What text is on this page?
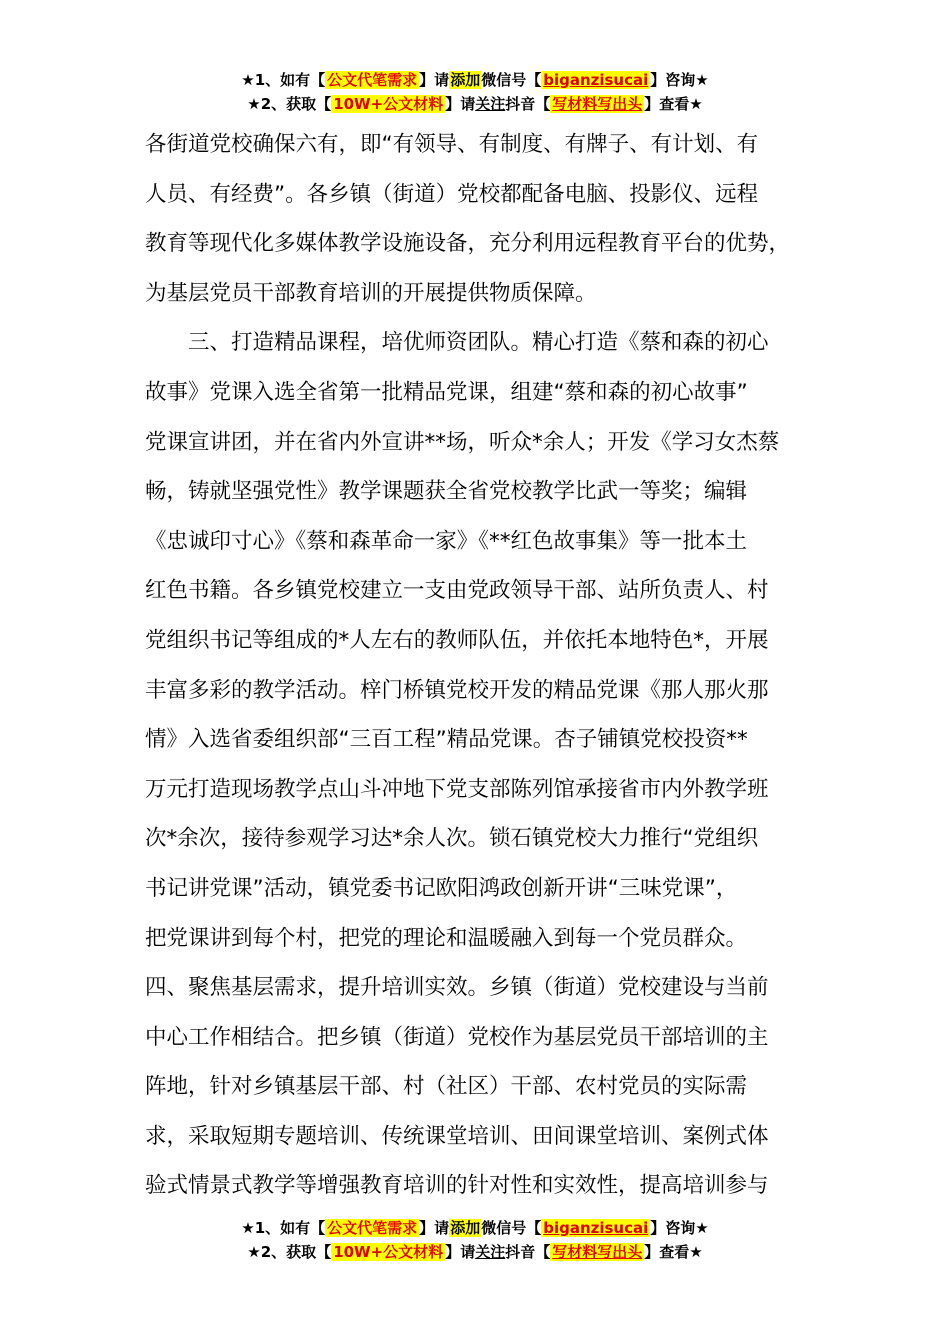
★1、如有【 公文代笔需求 】请添加微信号【 biganzisucai 】咨询★
★2、获取【 10W+公文材料 】请关注抖音【 写材料写出头 】查看★
各街道党校确保六有，即“有领导、有制度、有牌子、有计划、有
人员、有经费”。各乡镇（街道）党校都配备电脑、投影仪、远程
教育等现代化多媒体教学设施设备，充分利用远程教育平台的优势，
为基层党员干部教育培训的开展提供物质保障。
　　三、打造精品课程，培优师资团队。精心打造《蔡和森的初心
故事》党课入选全省第一批精品党课，组建“蔡和森的初心故事”
党课宣讲团，并在省内外宣讲**场，听众*余人；开发《学习女杰蔡
畅，铸就坚强党性》教学课题获全省党校教学比武一等奖；编辑
《忠诚印寸心》《蔡和森革命一家》《**红色故事集》等一批本土
红色书籍。各乡镇党校建立一支由党政领导干部、站所负责人、村
党组织书记等组成的*人左右的教师队伍，并依托本地特色*，开展
丰富多彩的教学活动。梓门桥镇党校开发的精品党课《那人那火那
情》入选省委组织部“三百工程”精品党课。杏子铺镇党校投资**
万元打造现场教学点山斗冲地下党支部陈列馆承接省市内外教学班
次*余次，接待参观学习达*余人次。锁石镇党校大力推行“党组织
书记讲党课”活动，镇党委书记欧阳鸿政创新开讲“三味党课”，
把党课讲到每个村，把党的理论和温暖融入到每一个党员群众。
四、聚焦基层需求，提升培训实效。乡镇（街道）党校建设与当前
中心工作相结合。把乡镇（街道）党校作为基层党员干部培训的主
阵地，针对乡镇基层干部、村（社区）干部、农村党员的实际需
求，采取短期专题培训、传统课堂培训、田间课堂培训、案例式体
验式情景式教学等增强教育培训的针对性和实效性，提高培训参与
★1、如有【 公文代笔需求 】请添加微信号【 biganzisucai 】咨询★
★2、获取【 10W+公文材料 】请关注抖音【 写材料写出头 】查看★
